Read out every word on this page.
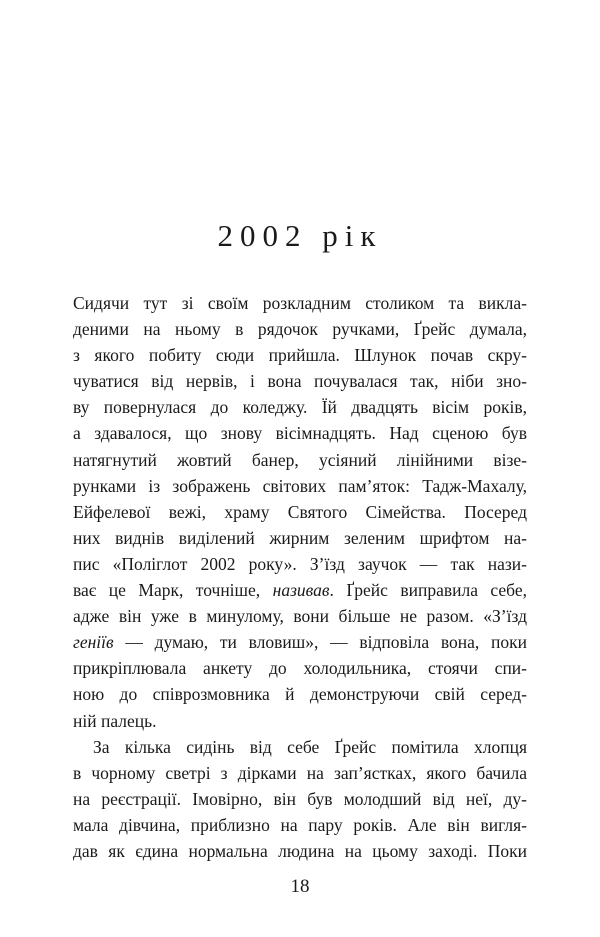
2002 рік
Сидячи тут зі своїм розкладним столиком та викла-
деними на ньому в рядочок ручками, Ґрейс думала,
з якого побиту сюди прийшла. Шлунок почав скру-
чуватися від нервів, і вона почувалася так, ніби зно-
ву повернулася до коледжу. Їй двадцять вісім років,
а здавалося, що знову вісімнадцять. Над сценою був
натягнутий жовтий банер, усіяний лінійними візе-
рунками із зображень світових пам’яток: Тадж-Махалу,
Ейфелевої вежі, храму Святого Сімейства. Посеред
них виднів виділений жирним зеленим шрифтом на-
пис «Поліглот 2002 року». З’їзд заучок — так нази-
ває це Марк, точніше, називав. Ґрейс виправила себе,
адже він уже в минулому, вони більше не разом. «З’їзд
геніїв — думаю, ти вловиш», — відповіла вона, поки
прикріплювала анкету до холодильника, стоячи спи-
ною до співрозмовника й демонструючи свій серед-
ній палець.
За кілька сидінь від себе Ґрейс помітила хлопця
в чорному светрі з дірками на зап’ястках, якого бачила
на реєстрації. Імовірно, він був молодший від неї, ду-
мала дівчина, приблизно на пару років. Але він вигля-
дав як єдина нормальна людина на цьому заході. Поки
18
